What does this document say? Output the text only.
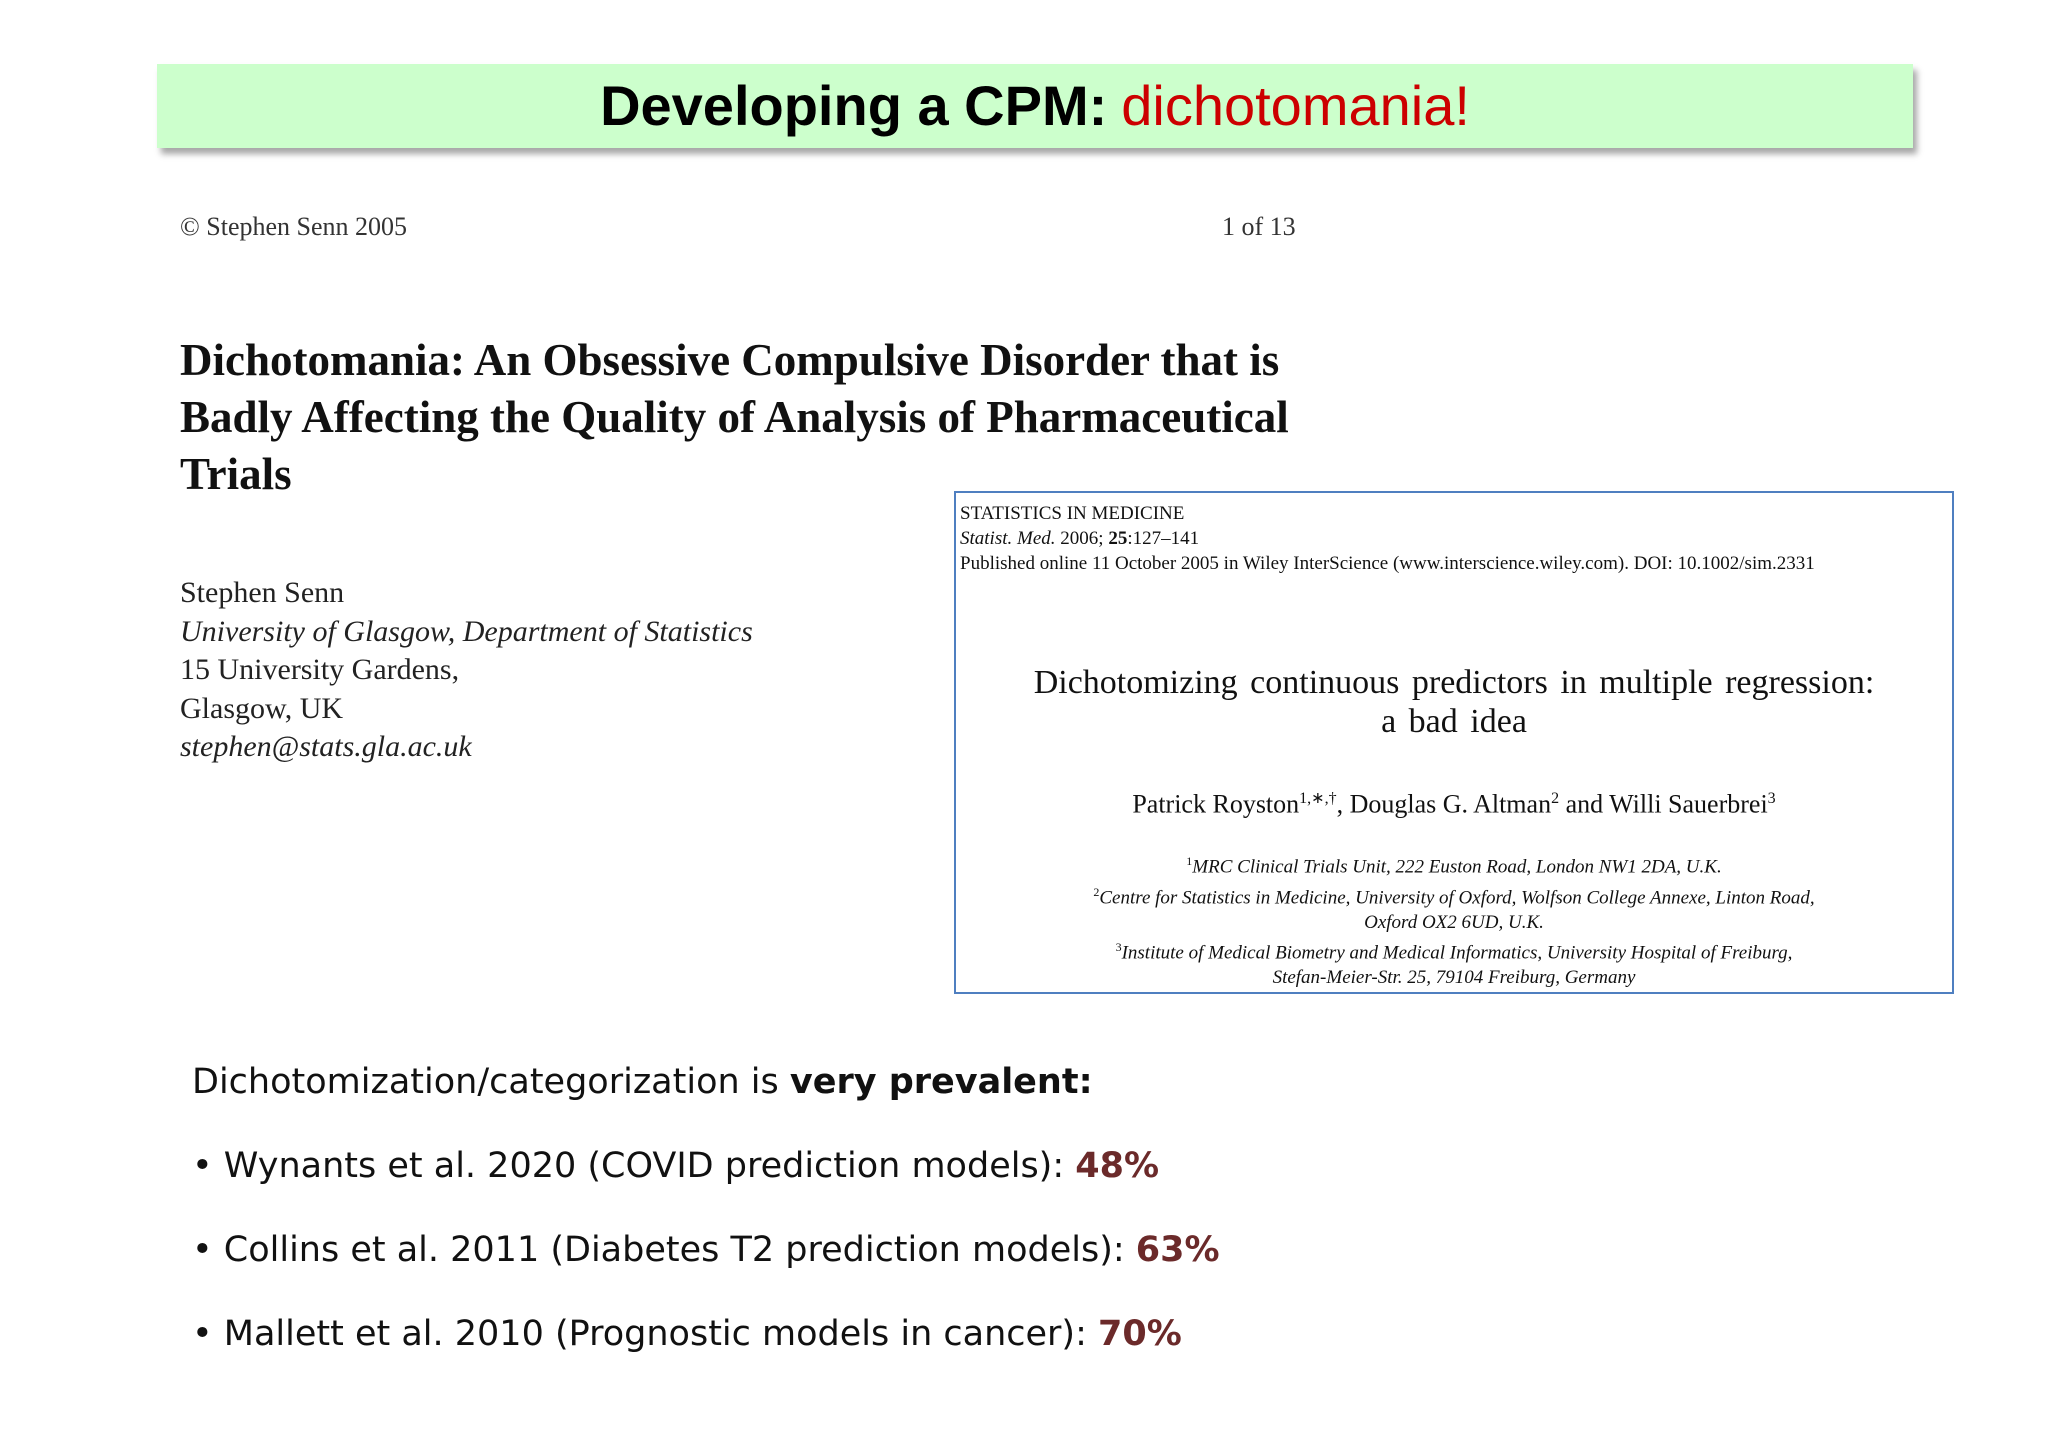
Developing a CPM: dichotomania!
© Stephen Senn 2005	1 of 13
Dichotomania: An Obsessive Compulsive Disorder that is
Badly Affecting the Quality of Analysis of Pharmaceutical
Trials
Stephen Senn
University of Glasgow, Department of Statistics
15 University Gardens,
Glasgow, UK
stephen@stats.gla.ac.uk
STATISTICS IN MEDICINE
Statist. Med. 2006; 25:127–141
Published online 11 October 2005 in Wiley InterScience (www.interscience.wiley.com). DOI: 10.1002/sim.2331
Dichotomizing continuous predictors in multiple regression:
a bad idea
Patrick Royston$^{1,∗,\dagger}$, Douglas G. Altman$^2$ and Willi Sauerbrei$^3$
$^1$MRC Clinical Trials Unit, 222 Euston Road, London NW1 2DA, U.K.
$^2$Centre for Statistics in Medicine, University of Oxford, Wolfson College Annexe, Linton Road,
Oxford OX2 6UD, U.K.
$^3$Institute of Medical Biometry and Medical Informatics, University Hospital of Freiburg,
Stefan-Meier-Str. 25, 79104 Freiburg, Germany
Dichotomization/categorization is very prevalent:
• Wynants et al. 2020 (COVID prediction models): 48%
• Collins et al. 2011 (Diabetes T2 prediction models): 63%
• Mallett et al. 2010 (Prognostic models in cancer): 70%
